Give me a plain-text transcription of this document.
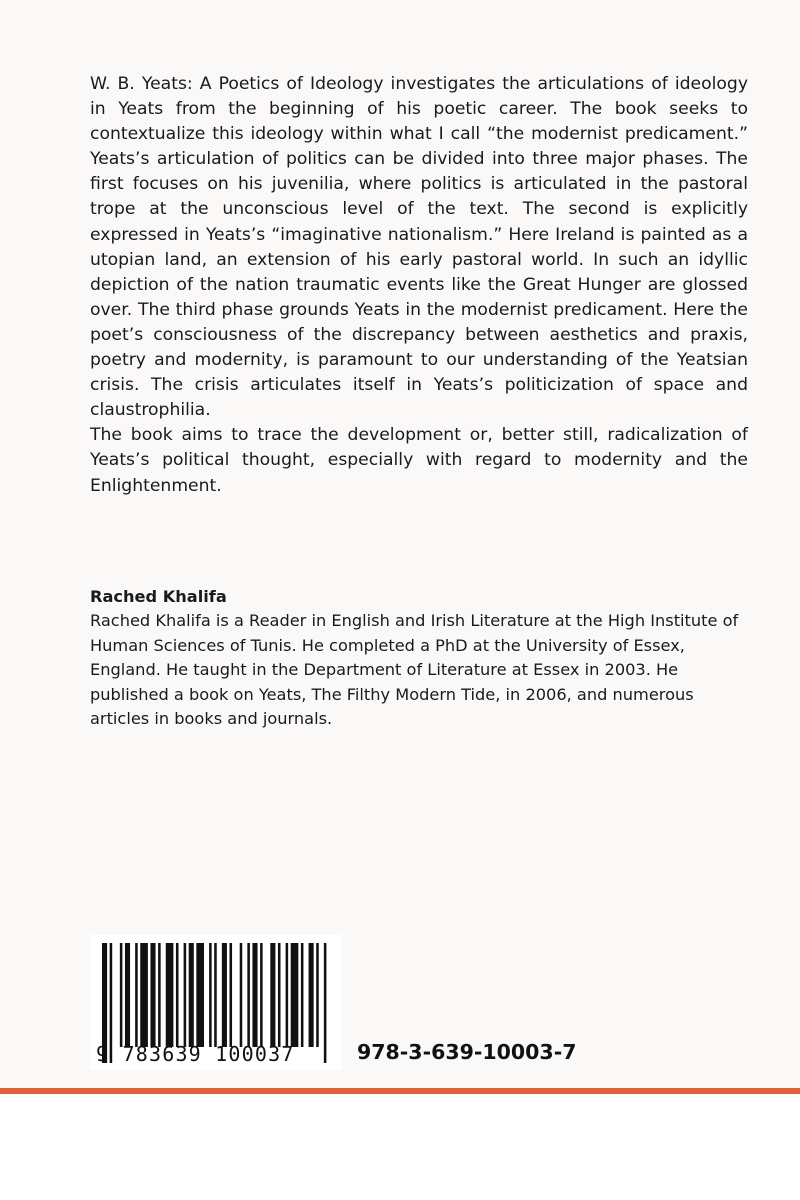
W. B. Yeats: A Poetics of Ideology investigates the articulations of ideology in Yeats from the beginning of his poetic career. The book seeks to contextualize this ideology within what I call “the modernist predicament.” Yeats’s articulation of politics can be divided into three major phases. The first focuses on his juvenilia, where politics is articulated in the pastoral trope at the unconscious level of the text. The second is explicitly expressed in Yeats’s “imaginative nationalism.” Here Ireland is painted as a utopian land, an extension of his early pastoral world. In such an idyllic depiction of the nation traumatic events like the Great Hunger are glossed over. The third phase grounds Yeats in the modernist predicament. Here the poet’s consciousness of the discrepancy between aesthetics and praxis, poetry and modernity, is paramount to our understanding of the Yeatsian crisis. The crisis articulates itself in Yeats’s politicization of space and claustrophilia.

The book aims to trace the development or, better still, radicalization of Yeats’s political thought, especially with regard to modernity and the Enlightenment.

Rached Khalifa

Rached Khalifa is a Reader in English and Irish Literature at the High Institute of Human Sciences of Tunis. He completed a PhD at the University of Essex, England. He taught in the Department of Literature at Essex in 2003. He published a book on Yeats, The Filthy Modern Tide, in 2006, and numerous articles in books and journals.

9 783639 100037	978-3-639-10003-7
